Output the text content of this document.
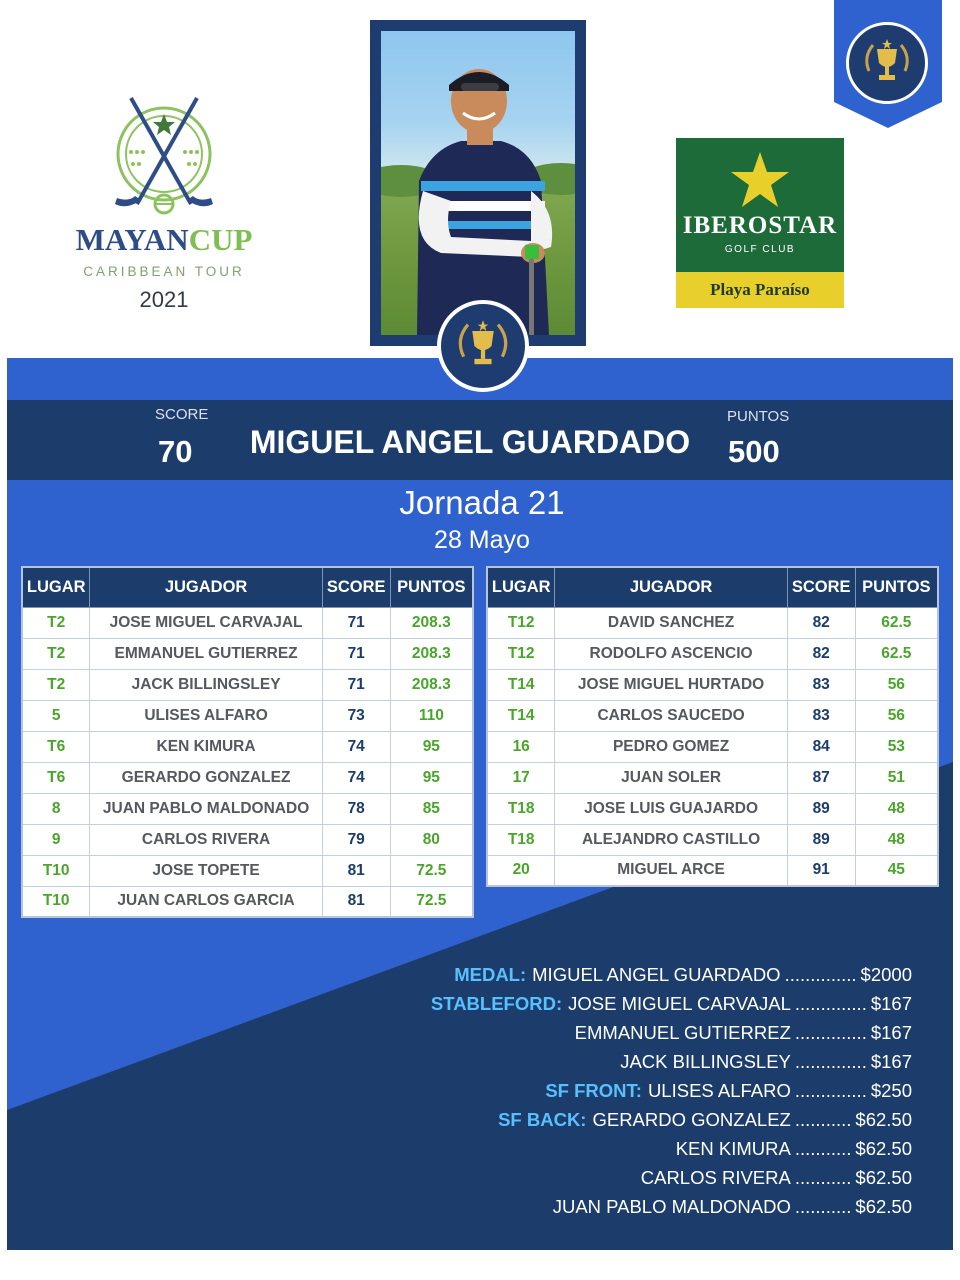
MAYANCUP
CARIBBEAN TOUR
2021
IBEROSTAR
GOLF CLUB
Playa Paraíso
SCORE
70	MIGUEL ANGEL GUARDADO
PUNTOS
500
Jornada 21
28 Mayo
LUGAR	JUGADOR	SCORE	PUNTOS
T2	JOSE MIGUEL CARVAJAL	71	208.3
T2	EMMANUEL GUTIERREZ	71	208.3
T2	JACK BILLINGSLEY	71	208.3
5	ULISES ALFARO	73	110
T6	KEN KIMURA	74	95
T6	GERARDO GONZALEZ	74	95
8	JUAN PABLO MALDONADO	78	85
9	CARLOS RIVERA	79	80
T10	JOSE TOPETE	81	72.5
T10	JUAN CARLOS GARCIA	81	72.5
LUGAR	JUGADOR	SCORE	PUNTOS
T12	DAVID SANCHEZ	82	62.5
T12	RODOLFO ASCENCIO	82	62.5
T14	JOSE MIGUEL HURTADO	83	56
T14	CARLOS SAUCEDO	83	56
16	PEDRO GOMEZ	84	53
17	JUAN SOLER	87	51
T18	JOSE LUIS GUAJARDO	89	48
T18	ALEJANDRO CASTILLO	89	48
20	MIGUEL ARCE	91	45
MEDAL: MIGUEL ANGEL GUARDADO .............. $2000
STABLEFORD: JOSE MIGUEL CARVAJAL .............. $167
EMMANUEL GUTIERREZ .............. $167
JACK BILLINGSLEY .............. $167
SF FRONT: ULISES ALFARO .............. $250
SF BACK: GERARDO GONZALEZ ........... $62.50
KEN KIMURA ........... $62.50
CARLOS RIVERA ........... $62.50
JUAN PABLO MALDONADO ........... $62.50
